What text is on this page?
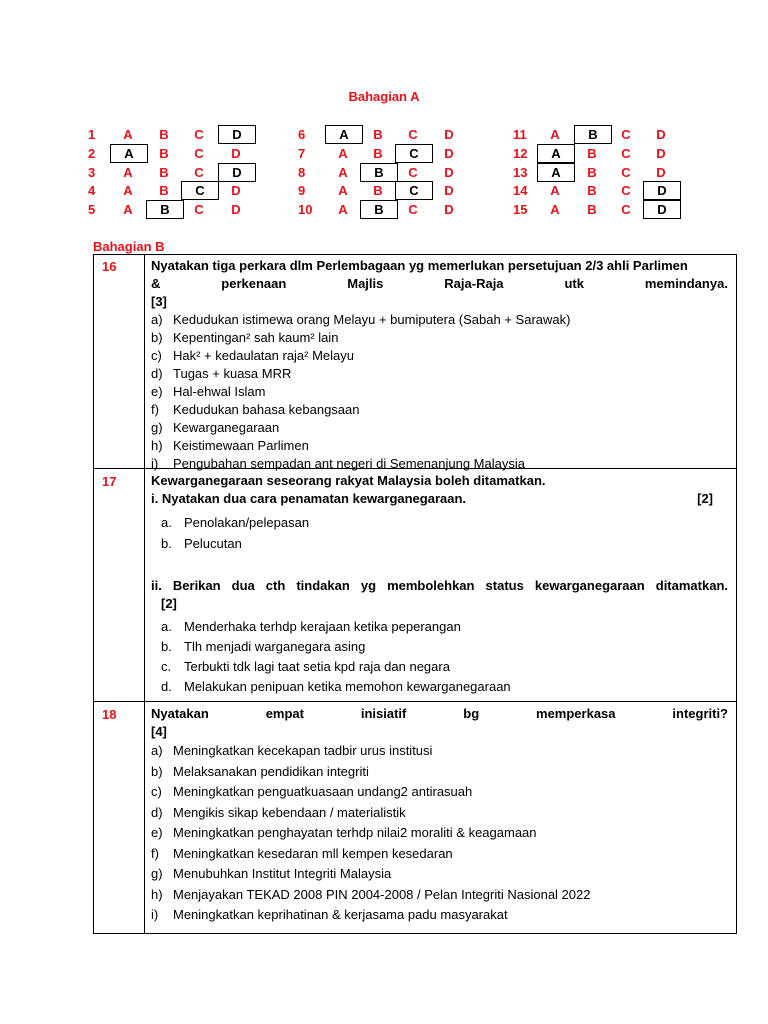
Bahagian A
1	A	B	C	D
2	A	B	C	D
3	A	B	C	D
4	A	B	C	D
5	A	B	C	D
6	A	B	C	D
7	A	B	C	D
8	A	B	C	D
9	A	B	C	D
10	A	B	C	D
11	A	B	C	D
12	A	B	C	D
13	A	B	C	D
14	A	B	C	D
15	A	B	C	D
Bahagian B
16	Nyatakan tiga perkara dlm Perlembagaan yg memerlukan persetujuan 2/3 ahli Parlimen
&	perkenaan	Majlis	Raja-Raja	utk	memindanya.
[3]
a) Kedudukan istimewa orang Melayu + bumiputera (Sabah + Sarawak)
b) Kepentingan² sah kaum² lain
c) Hak² + kedaulatan raja² Melayu
d) Tugas + kuasa MRR
e) Hal-ehwal Islam
f) Kedudukan bahasa kebangsaan
g) Kewarganegaraan
h) Keistimewaan Parlimen
i) Pengubahan sempadan ant negeri di Semenanjung Malaysia
17	Kewarganegaraan seseorang rakyat Malaysia boleh ditamatkan.
i. Nyatakan dua cara penamatan kewarganegaraan.	[2]
a. Penolakan/pelepasan
b. Pelucutan
ii. Berikan dua cth tindakan yg membolehkan status kewarganegaraan ditamatkan.
[2]
a. Menderhaka terhdp kerajaan ketika peperangan
b. Tlh menjadi warganegara asing
c. Terbukti tdk lagi taat setia kpd raja dan negara
d. Melakukan penipuan ketika memohon kewarganegaraan
18	Nyatakan	empat	inisiatif	bg	memperkasa	integriti?
[4]
a) Meningkatkan kecekapan tadbir urus institusi
b) Melaksanakan pendidikan integriti
c) Meningkatkan penguatkuasaan undang2 antirasuah
d) Mengikis sikap kebendaan / materialistik
e) Meningkatkan penghayatan terhdp nilai2 moraliti & keagamaan
f) Meningkatkan kesedaran mll kempen kesedaran
g) Menubuhkan Institut Integriti Malaysia
h) Menjayakan TEKAD 2008 PIN 2004-2008 / Pelan Integriti Nasional 2022
i) Meningkatkan keprihatinan & kerjasama padu masyarakat
